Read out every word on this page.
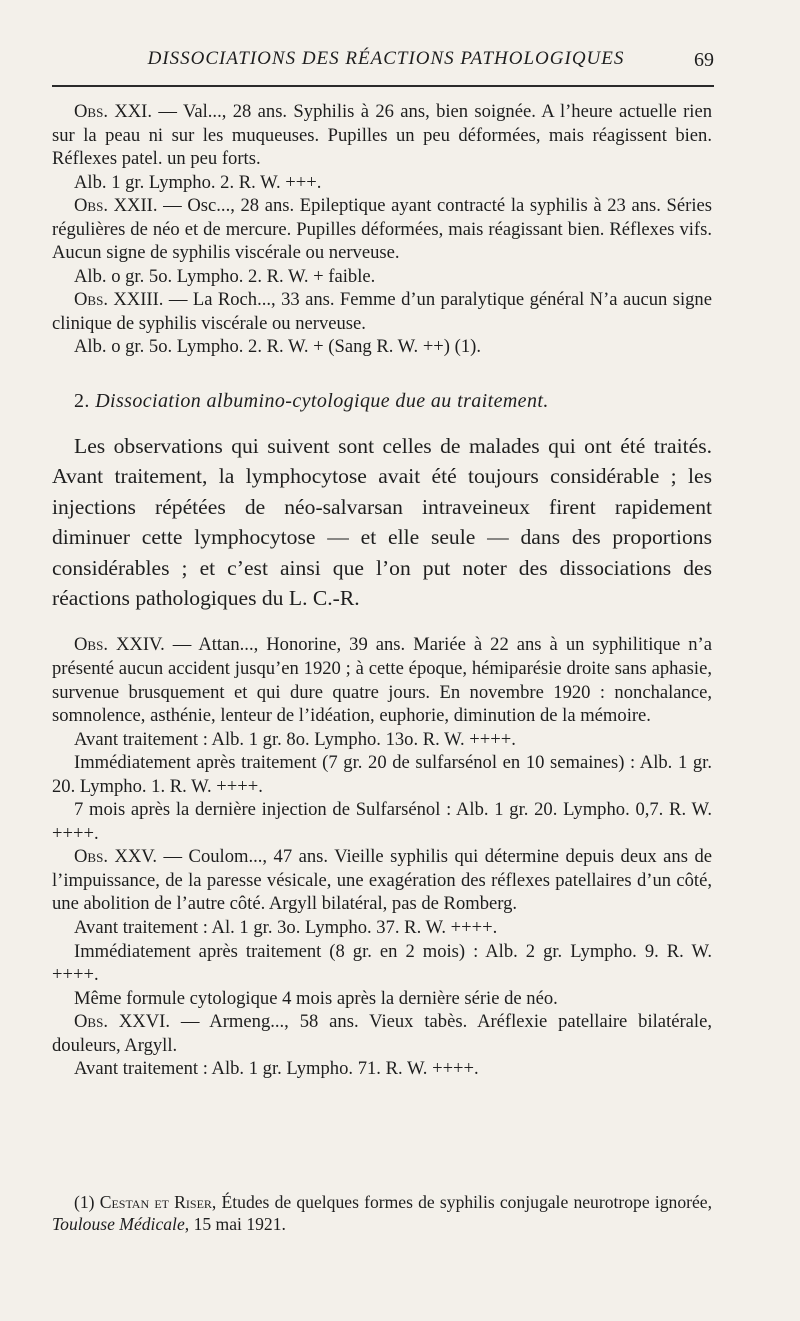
DISSOCIATIONS DES RÉACTIONS PATHOLOGIQUES	69

Obs. XXI. — Val..., 28 ans. Syphilis à 26 ans, bien soignée. A l’heure actuelle rien sur la peau ni sur les muqueuses. Pupilles un peu déformées, mais réagissent bien. Réflexes patel. un peu forts.

Alb. 1 gr. Lympho. 2. R. W. +++.

Obs. XXII. — Osc..., 28 ans. Epileptique ayant contracté la syphilis à 23 ans. Séries régulières de néo et de mercure. Pupilles déformées, mais réagissant bien. Réflexes vifs. Aucun signe de syphilis viscérale ou nerveuse.

Alb. o gr. 5o. Lympho. 2. R. W. + faible.

Obs. XXIII. — La Roch..., 33 ans. Femme d’un paralytique général N’a aucun signe clinique de syphilis viscérale ou nerveuse.

Alb. o gr. 5o. Lympho. 2. R. W. + (Sang R. W. ++) (1).

2. Dissociation albumino-cytologique due au traitement.

Les observations qui suivent sont celles de malades qui ont été traités. Avant traitement, la lymphocytose avait été toujours considérable ; les injections répétées de néo-salvarsan intraveineux firent rapidement diminuer cette lymphocytose — et elle seule — dans des proportions considérables ; et c’est ainsi que l’on put noter des dissociations des réactions pathologiques du L. C.-R.

Obs. XXIV. — Attan..., Honorine, 39 ans. Mariée à 22 ans à un syphilitique n’a présenté aucun accident jusqu’en 1920 ; à cette époque, hémiparésie droite sans aphasie, survenue brusquement et qui dure quatre jours. En novembre 1920 : nonchalance, somnolence, asthénie, lenteur de l’idéation, euphorie, diminution de la mémoire.

Avant traitement : Alb. 1 gr. 8o. Lympho. 13o. R. W. ++++.

Immédiatement après traitement (7 gr. 20 de sulfarsénol en 10 semaines) : Alb. 1 gr. 20. Lympho. 1. R. W. ++++.

7 mois après la dernière injection de Sulfarsénol : Alb. 1 gr. 20. Lympho. 0,7. R. W. ++++.

Obs. XXV. — Coulom..., 47 ans. Vieille syphilis qui détermine depuis deux ans de l’impuissance, de la paresse vésicale, une exagération des réflexes patellaires d’un côté, une abolition de l’autre côté. Argyll bilatéral, pas de Romberg.

Avant traitement : Al. 1 gr. 3o. Lympho. 37. R. W. ++++.

Immédiatement après traitement (8 gr. en 2 mois) : Alb. 2 gr. Lympho. 9. R. W. ++++.

Même formule cytologique 4 mois après la dernière série de néo.

Obs. XXVI. — Armeng..., 58 ans. Vieux tabès. Aréflexie patellaire bilatérale, douleurs, Argyll.

Avant traitement : Alb. 1 gr. Lympho. 71. R. W. ++++.

(1) Cestan et Riser, Études de quelques formes de syphilis conjugale neurotrope ignorée, Toulouse Médicale, 15 mai 1921.
